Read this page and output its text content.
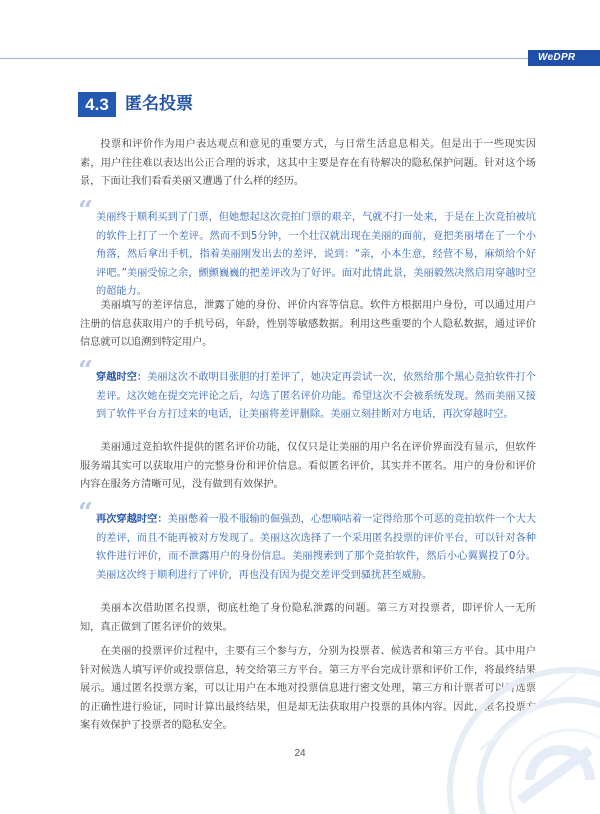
WeDPR
4.3 匿名投票

投票和评价作为用户表达观点和意见的重要方式，与日常生活息息相关。但是出于一些现实因素，用户往往难以表达出公正合理的诉求，这其中主要是存在有待解决的隐私保护问题。针对这个场景，下面让我们看看美丽又遭遇了什么样的经历。

“ 美丽终于顺利买到了门票，但她想起这次竞拍门票的艰辛，气就不打一处来，于是在上次竞拍被坑的软件上打了一个差评。然而不到5分钟，一个壮汉就出现在美丽的面前，竟把美丽堵在了一个小角落，然后拿出手机，指着美丽刚发出去的差评，说到：“亲，小本生意，经营不易，麻烦给个好评吧。”美丽受惊之余，颤颤巍巍的把差评改为了好评。面对此情此景，美丽毅然决然启用穿越时空的超能力。

美丽填写的差评信息，泄露了她的身份、评价内容等信息。软件方根据用户身份，可以通过用户注册的信息获取用户的手机号码，年龄，性别等敏感数据。利用这些重要的个人隐私数据，通过评价信息就可以追溯到特定用户。

“ 穿越时空：美丽这次不敢明目张胆的打差评了，她决定再尝试一次，依然给那个黑心竞拍软件打个差评。这次她在提交完评论之后，勾选了匿名评价功能。希望这次不会被系统发现。然而美丽又接到了软件平台方打过来的电话，让美丽将差评删除。美丽立刻挂断对方电话，再次穿越时空。

美丽通过竞拍软件提供的匿名评价功能，仅仅只是让美丽的用户名在评价界面没有显示，但软件服务端其实可以获取用户的完整身份和评价信息。看似匿名评价，其实并不匿名。用户的身份和评价内容在服务方清晰可见，没有做到有效保护。

“ 再次穿越时空：美丽憋着一股不服输的倔强劲，心想嘀咕着一定得给那个可恶的竞拍软件一个大大的差评，而且不能再被对方发现了。美丽这次选择了一个采用匿名投票的评价平台，可以针对各种软件进行评价，而不泄露用户的身份信息。美丽搜索到了那个竞拍软件，然后小心翼翼投了0分。美丽这次终于顺利进行了评价，再也没有因为提交差评受到骚扰甚至威胁。

美丽本次借助匿名投票，彻底杜绝了身份隐私泄露的问题。第三方对投票者，即评价人一无所知，真正做到了匿名评价的效果。

在美丽的投票评价过程中，主要有三个参与方，分别为投票者、候选者和第三方平台。其中用户针对候选人填写评价或投票信息，转交给第三方平台。第三方平台完成计票和评价工作，将最终结果展示。通过匿名投票方案，可以让用户在本地对投票信息进行密文处理，第三方和计票者可以对选票的正确性进行验证，同时计算出最终结果，但是却无法获取用户投票的具体内容。因此，匿名投票方案有效保护了投票者的隐私安全。

24
